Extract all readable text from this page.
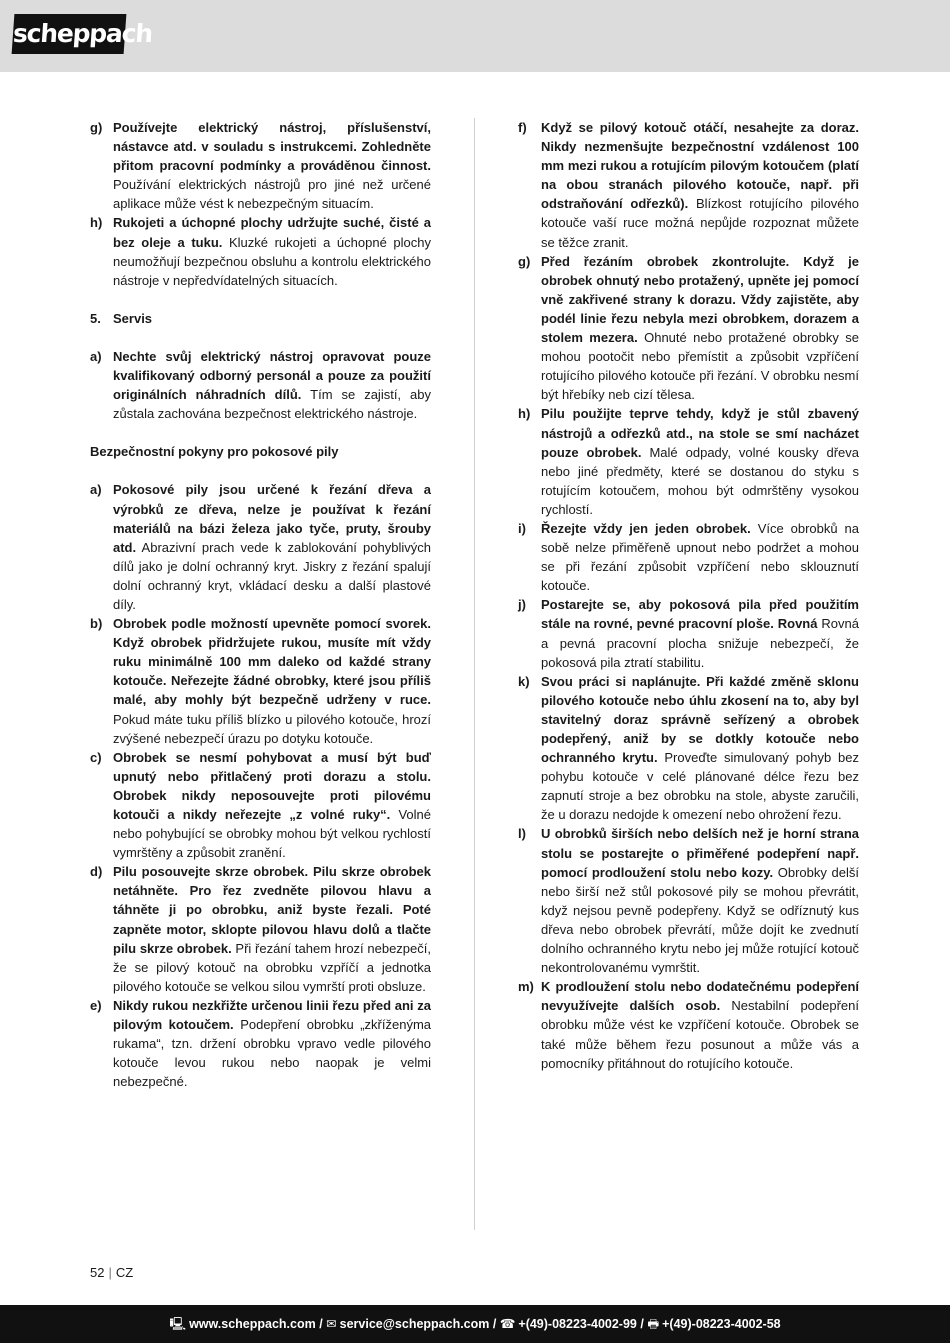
scheppach
g) Používejte elektrický nástroj, příslušenství, nástavce atd. v souladu s instrukcemi. Zohledněte přitom pracovní podmínky a prováděnou činnost. Používání elektrických nástrojů pro jiné než určené aplikace může vést k nebezpečným situacím.
h) Rukojeti a úchopné plochy udržujte suché, čisté a bez oleje a tuku. Kluzké rukojeti a úchopné plochy neumožňují bezpečnou obsluhu a kontrolu elektrického nástroje v nepředvídatelných situacích.
5. Servis
a) Nechte svůj elektrický nástroj opravovat pouze kvalifikovaný odborný personál a pouze za použití originálních náhradních dílů. Tím se zajistí, aby zůstala zachována bezpečnost elektrického nástroje.
Bezpečnostní pokyny pro pokosové pily
a) Pokosové pily jsou určené k řezání dřeva a výrobků ze dřeva, nelze je používat k řezání materiálů na bázi železa jako tyče, pruty, šrouby atd. Abrazivní prach vede k zablokování pohyblivých dílů jako je dolní ochranný kryt. Jiskry z řezání spalují dolní ochranný kryt, vkládací desku a další plastové díly.
b) Obrobek podle možností upevněte pomocí svorek. Když obrobek přidržujete rukou, musíte mít vždy ruku minimálně 100 mm daleko od každé strany kotouče. Neřezejte žádné obrobky, které jsou příliš malé, aby mohly být bezpečně udrženy v ruce. Pokud máte tuku příliš blízko u pilového kotouče, hrozí zvýšené nebezpečí úrazu po dotyku kotouče.
c) Obrobek se nesmí pohybovat a musí být buď upnutý nebo přitlačený proti dorazu a stolu. Obrobek nikdy neposouvejte proti pilovému kotouči a nikdy neřezejte „z volné ruky“. Volné nebo pohybující se obrobky mohou být velkou rychlostí vymrštěny a způsobit zranění.
d) Pilu posouvejte skrze obrobek. Pilu skrze obrobek netáhněte. Pro řez zvedněte pilovou hlavu a táhněte ji po obrobku, aniž byste řezali. Poté zapněte motor, sklopte pilovou hlavu dolů a tlačte pilu skrze obrobek. Při řezání tahem hrozí nebezpečí, že se pilový kotouč na obrobku vzpříčí a jednotka pilového kotouče se velkou silou vymrští proti obsluze.
e) Nikdy rukou nezkřižte určenou linii řezu před ani za pilovým kotoučem. Podepření obrobku „zkříženýma rukama“, tzn. držení obrobku vpravo vedle pilového kotouče levou rukou nebo naopak je velmi nebezpečné.
f)	Když se pilový kotouč otáčí, nesahejte za doraz. Nikdy nezmenšujte bezpečnostní vzdálenost 100 mm mezi rukou a rotujícím pilovým kotoučem (platí na obou stranách pilového kotouče, např. při odstraňování odřezků). Blízkost rotujícího pilového kotouče vaší ruce možná nepůjde rozpoznat můžete se těžce zranit.
g) Před řezáním obrobek zkontrolujte. Když je obrobek ohnutý nebo protažený, upněte jej pomocí vně zakřivené strany k dorazu. Vždy zajistěte, aby podél linie řezu nebyla mezi obrobkem, dorazem a stolem mezera. Ohnuté nebo protažené obrobky se mohou pootočit nebo přemístit a způsobit vzpříčení rotujícího pilového kotouče při řezání. V obrobku nesmí být hřebíky neb cizí tělesa.
h) Pilu použijte teprve tehdy, když je stůl zbavený nástrojů a odřezků atd., na stole se smí nacházet pouze obrobek. Malé odpady, volné kousky dřeva nebo jiné předměty, které se dostanou do styku s rotujícím kotoučem, mohou být odmrštěny vysokou rychlostí.
i)	Řezejte vždy jen jeden obrobek. Více obrobků na sobě nelze přiměřeně upnout nebo podržet a mohou se při řezání způsobit vzpříčení nebo sklouznutí kotouče.
j)	Postarejte se, aby pokosová pila před použitím stále na rovné, pevné pracovní ploše. Rovná Rovná a pevná pracovní plocha snižuje nebezpečí, že pokosová pila ztratí stabilitu.
k) Svou práci si naplánujte. Při každé změně sklonu pilového kotouče nebo úhlu zkosení na to, aby byl stavitelný doraz správně seřízený a obrobek podepřený, aniž by se dotkly kotouče nebo ochranného krytu. Proveďte simulovaný pohyb bez pohybu kotouče v celé plánované délce řezu bez zapnutí stroje a bez obrobku na stole, abyste zaručili, že u dorazu nedojde k omezení nebo ohrožení řezu.
l)	U obrobků širších nebo delších než je horní strana stolu se postarejte o přiměřené podepření např. pomocí prodloužení stolu nebo kozy. Obrobky delší nebo širší než stůl pokosové pily se mohou převrátit, když nejsou pevně podepřeny. Když se odříznutý kus dřeva nebo obrobek převrátí, může dojít ke zvednutí dolního ochranného krytu nebo jej může rotující kotouč nekontrolovanému vymrštit.
m) K prodloužení stolu nebo dodatečnému podepření nevyužívejte dalších osob. Nestabilní podepření obrobku může vést ke vzpříčení kotouče. Obrobek se také může během řezu posunout a může vás a pomocníky přitáhnout do rotujícího kotouče.
52 | CZ
🖳 www.scheppach.com / ✉ service@scheppach.com / ☎ +(49)-08223-4002-99 / 🖶 +(49)-08223-4002-58
